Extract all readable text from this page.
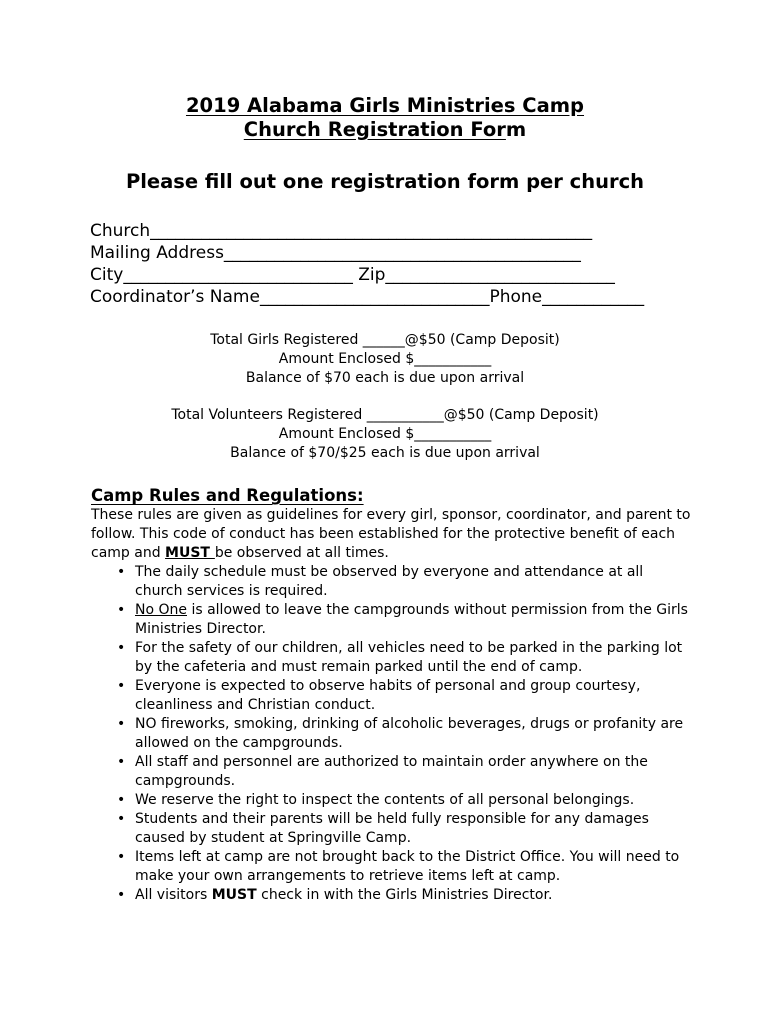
2019 Alabama Girls Ministries Camp
Church Registration Form
Please fill out one registration form per church
Church____________________________________________________
Mailing Address__________________________________________
City___________________________ Zip___________________________
Coordinator’s Name___________________________Phone____________
Total Girls Registered ______@$50 (Camp Deposit)
Amount Enclosed $___________
Balance of $70 each is due upon arrival
Total Volunteers Registered ___________@$50 (Camp Deposit)
Amount Enclosed $___________
Balance of $70/$25 each is due upon arrival
Camp Rules and Regulations:
These rules are given as guidelines for every girl, sponsor, coordinator, and parent to follow. This code of conduct has been established for the protective benefit of each camp and MUST be observed at all times.
• The daily schedule must be observed by everyone and attendance at all church services is required.
• No One is allowed to leave the campgrounds without permission from the Girls Ministries Director.
• For the safety of our children, all vehicles need to be parked in the parking lot by the cafeteria and must remain parked until the end of camp.
• Everyone is expected to observe habits of personal and group courtesy, cleanliness and Christian conduct.
• NO fireworks, smoking, drinking of alcoholic beverages, drugs or profanity are allowed on the campgrounds.
• All staff and personnel are authorized to maintain order anywhere on the campgrounds.
• We reserve the right to inspect the contents of all personal belongings.
• Students and their parents will be held fully responsible for any damages caused by student at Springville Camp.
• Items left at camp are not brought back to the District Office. You will need to make your own arrangements to retrieve items left at camp.
• All visitors MUST check in with the Girls Ministries Director.
